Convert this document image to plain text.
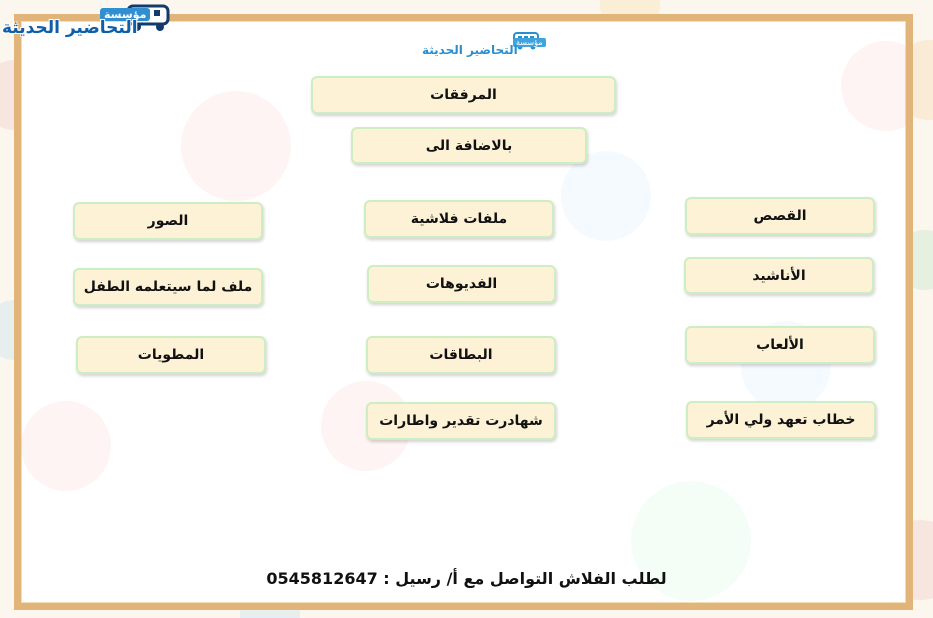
مؤسسة
التحاضير الحديثة
مؤسسة
التحاضير الحديثة
المرفقات
بالاضافة الى
القصص
الأناشيد
الألعاب
خطاب تعهد ولي الأمر
ملفات فلاشية
الفديوهات
البطاقات
شهادرت تقدير واطارات
الصور
ملف لما سيتعلمه الطفل
المطويات
لطلب الفلاش التواصل مع أ/ رسيل : 0545812647
